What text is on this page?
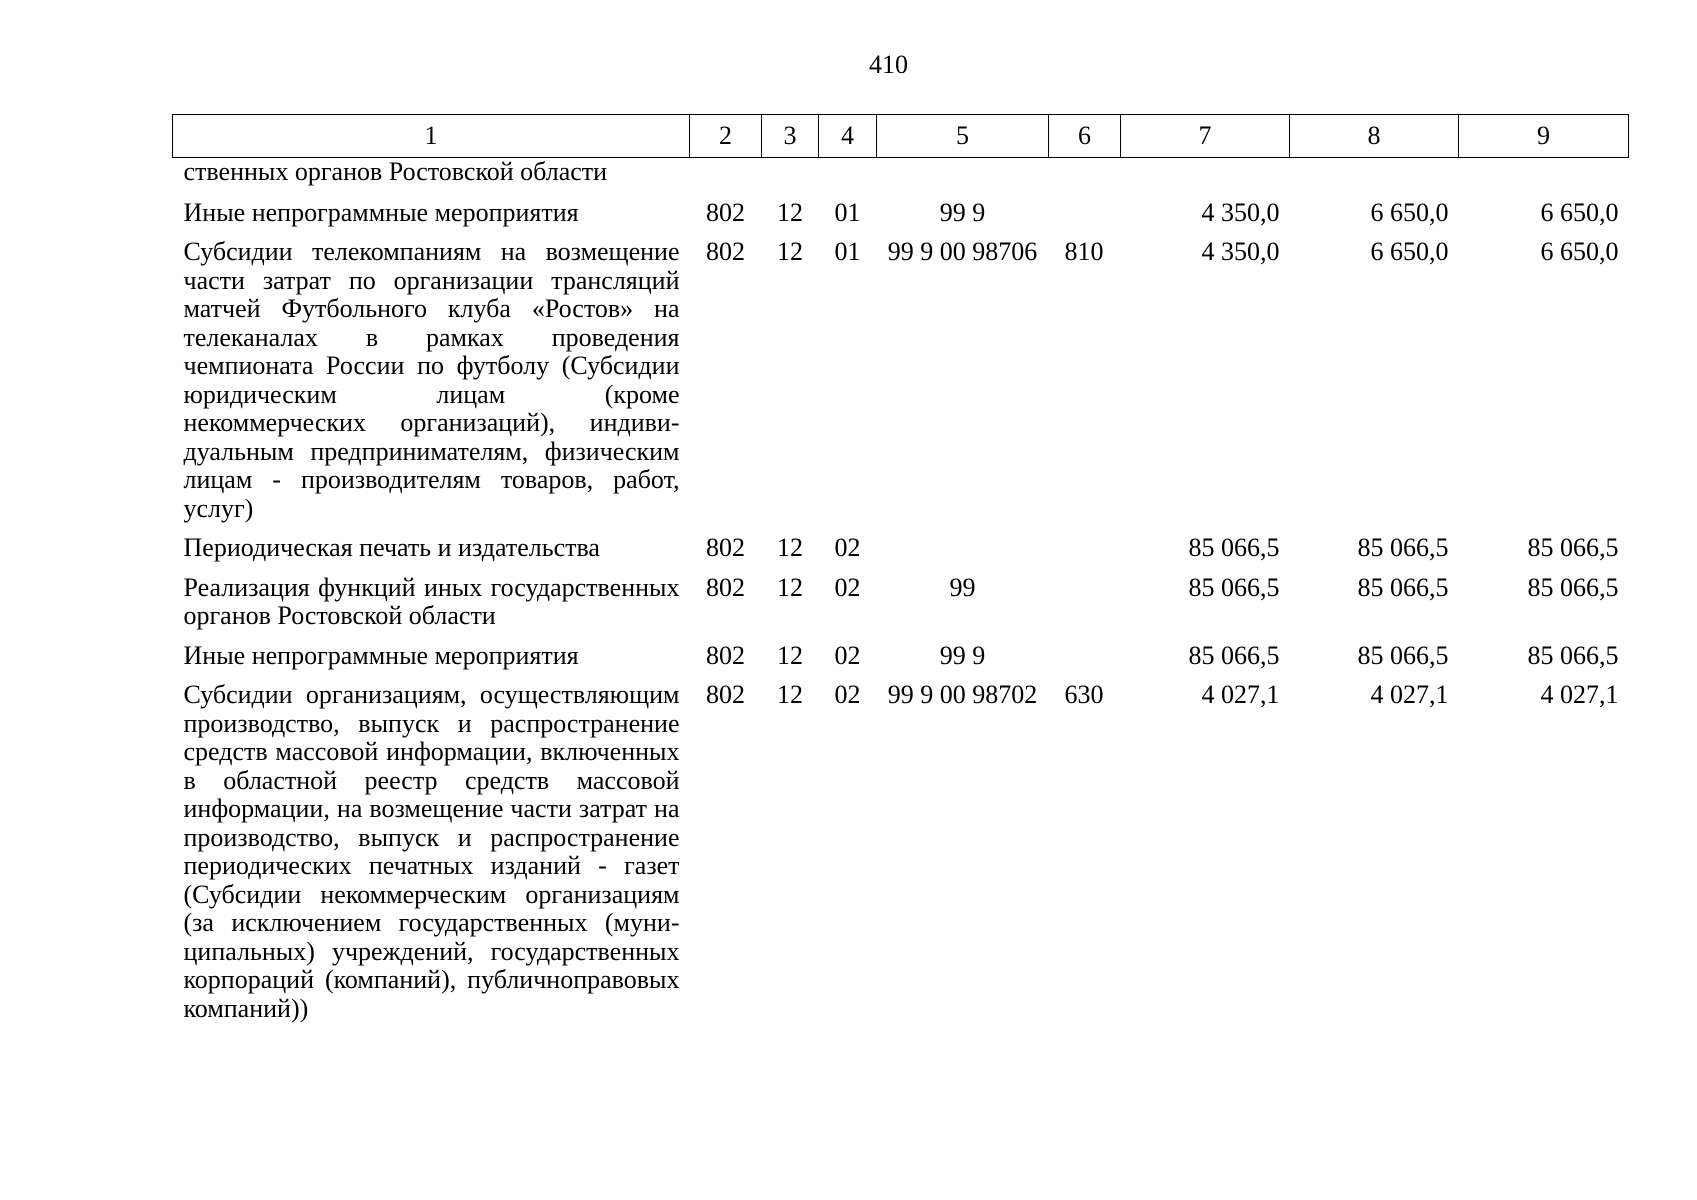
410
1	2	3	4	5	6	7	8	9
ственных органов Ростовской области								
Иные непрограммные мероприятия	802	12	01	99 9		4 350,0	6 650,0	6 650,0
Субсидии телекомпаниям на возмещение части затрат по организации трансляций матчей Футбольного клуба «Ростов» на телеканалах в рамках проведения чемпионата России по футболу (Субсидии юридическим лицам (кроме некоммерческих организаций), индивидуальным предпринимателям, физическим лицам - производителям товаров, работ, услуг)	802	12	01	99 9 00 98706	810	4 350,0	6 650,0	6 650,0
Периодическая печать и издательства	802	12	02			85 066,5	85 066,5	85 066,5
Реализация функций иных государственных органов Ростовской области	802	12	02	99		85 066,5	85 066,5	85 066,5
Иные непрограммные мероприятия	802	12	02	99 9		85 066,5	85 066,5	85 066,5
Субсидии организациям, осуществляющим производство, выпуск и распространение средств массовой информации, включенных в областной реестр средств массовой информации, на возмещение части затрат на производство, выпуск и распространение периодических печатных изданий - газет (Субсидии некоммерческим организациям (за исключением государственных (муниципальных) учреждений, государственных корпораций (компаний), публичноправовых компаний))	802	12	02	99 9 00 98702	630	4 027,1	4 027,1	4 027,1
